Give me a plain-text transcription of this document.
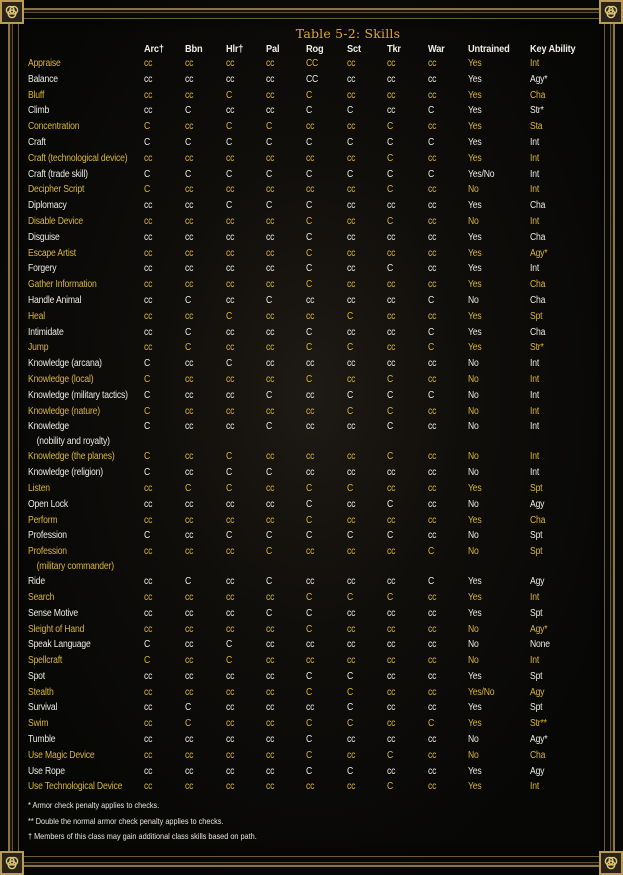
Table 5-2: Skills
	Arc†	Bbn	Hlr†	Pal	Rog	Sct	Tkr	War	Untrained	Key Ability
Appraise	cc	cc	cc	cc	CC	cc	cc	cc	Yes	Int
Balance	cc	cc	cc	cc	CC	cc	cc	cc	Yes	Agy*
Bluff	cc	cc	C	cc	C	cc	cc	cc	Yes	Cha
Climb	cc	C	cc	cc	C	C	cc	C	Yes	Str*
Concentration	C	cc	C	C	cc	cc	C	cc	Yes	Sta
Craft	C	C	C	C	C	C	C	C	Yes	Int
Craft (technological device)	cc	cc	cc	cc	cc	cc	C	cc	Yes	Int
Craft (trade skill)	C	C	C	C	C	C	C	C	Yes/No	Int
Decipher Script	C	cc	cc	cc	cc	cc	C	cc	No	Int
Diplomacy	cc	cc	C	C	C	cc	cc	cc	Yes	Cha
Disable Device	cc	cc	cc	cc	C	cc	C	cc	No	Int
Disguise	cc	cc	cc	cc	C	cc	cc	cc	Yes	Cha
Escape Artist	cc	cc	cc	cc	C	cc	cc	cc	Yes	Agy*
Forgery	cc	cc	cc	cc	C	cc	C	cc	Yes	Int
Gather Information	cc	cc	cc	cc	C	cc	cc	cc	Yes	Cha
Handle Animal	cc	C	cc	C	cc	cc	cc	C	No	Cha
Heal	cc	cc	C	cc	cc	C	cc	cc	Yes	Spt
Intimidate	cc	C	cc	cc	C	cc	cc	C	Yes	Cha
Jump	cc	C	cc	cc	C	C	cc	C	Yes	Str*
Knowledge (arcana)	C	cc	C	cc	cc	cc	cc	cc	No	Int
Knowledge (local)	C	cc	cc	cc	C	cc	C	cc	No	Int
Knowledge (military tactics)	C	cc	cc	C	cc	C	C	C	No	Int
Knowledge (nature)	C	cc	cc	cc	cc	C	C	cc	No	Int
Knowledge
(nobility and royalty)	C	cc	cc	C	cc	cc	C	cc	No	Int
Knowledge (the planes)	C	cc	C	cc	cc	cc	C	cc	No	Int
Knowledge (religion)	C	cc	C	C	cc	cc	cc	cc	No	Int
Listen	cc	C	C	cc	C	C	cc	cc	Yes	Spt
Open Lock	cc	cc	cc	cc	C	cc	C	cc	No	Agy
Perform	cc	cc	cc	cc	C	cc	cc	cc	Yes	Cha
Profession	C	cc	C	C	C	C	C	cc	No	Spt
Profession
(military commander)	cc	cc	cc	C	cc	cc	cc	C	No	Spt
Ride	cc	C	cc	C	cc	cc	cc	C	Yes	Agy
Search	cc	cc	cc	cc	C	C	C	cc	Yes	Int
Sense Motive	cc	cc	cc	C	C	cc	cc	cc	Yes	Spt
Sleight of Hand	cc	cc	cc	cc	C	cc	cc	cc	No	Agy*
Speak Language	C	cc	C	cc	cc	cc	cc	cc	No	None
Spellcraft	C	cc	C	cc	cc	cc	cc	cc	No	Int
Spot	cc	cc	cc	cc	C	C	cc	cc	Yes	Spt
Stealth	cc	cc	cc	cc	C	C	cc	cc	Yes/No	Agy
Survival	cc	C	cc	cc	cc	C	cc	cc	Yes	Spt
Swim	cc	C	cc	cc	C	C	cc	C	Yes	Str**
Tumble	cc	cc	cc	cc	C	cc	cc	cc	No	Agy*
Use Magic Device	cc	cc	cc	cc	C	cc	C	cc	No	Cha
Use Rope	cc	cc	cc	cc	C	C	cc	cc	Yes	Agy
Use Technological Device	cc	cc	cc	cc	cc	cc	C	cc	Yes	Int
* Armor check penalty applies to checks.
** Double the normal armor check penalty applies to checks.
† Members of this class may gain additional class skills based on path.
